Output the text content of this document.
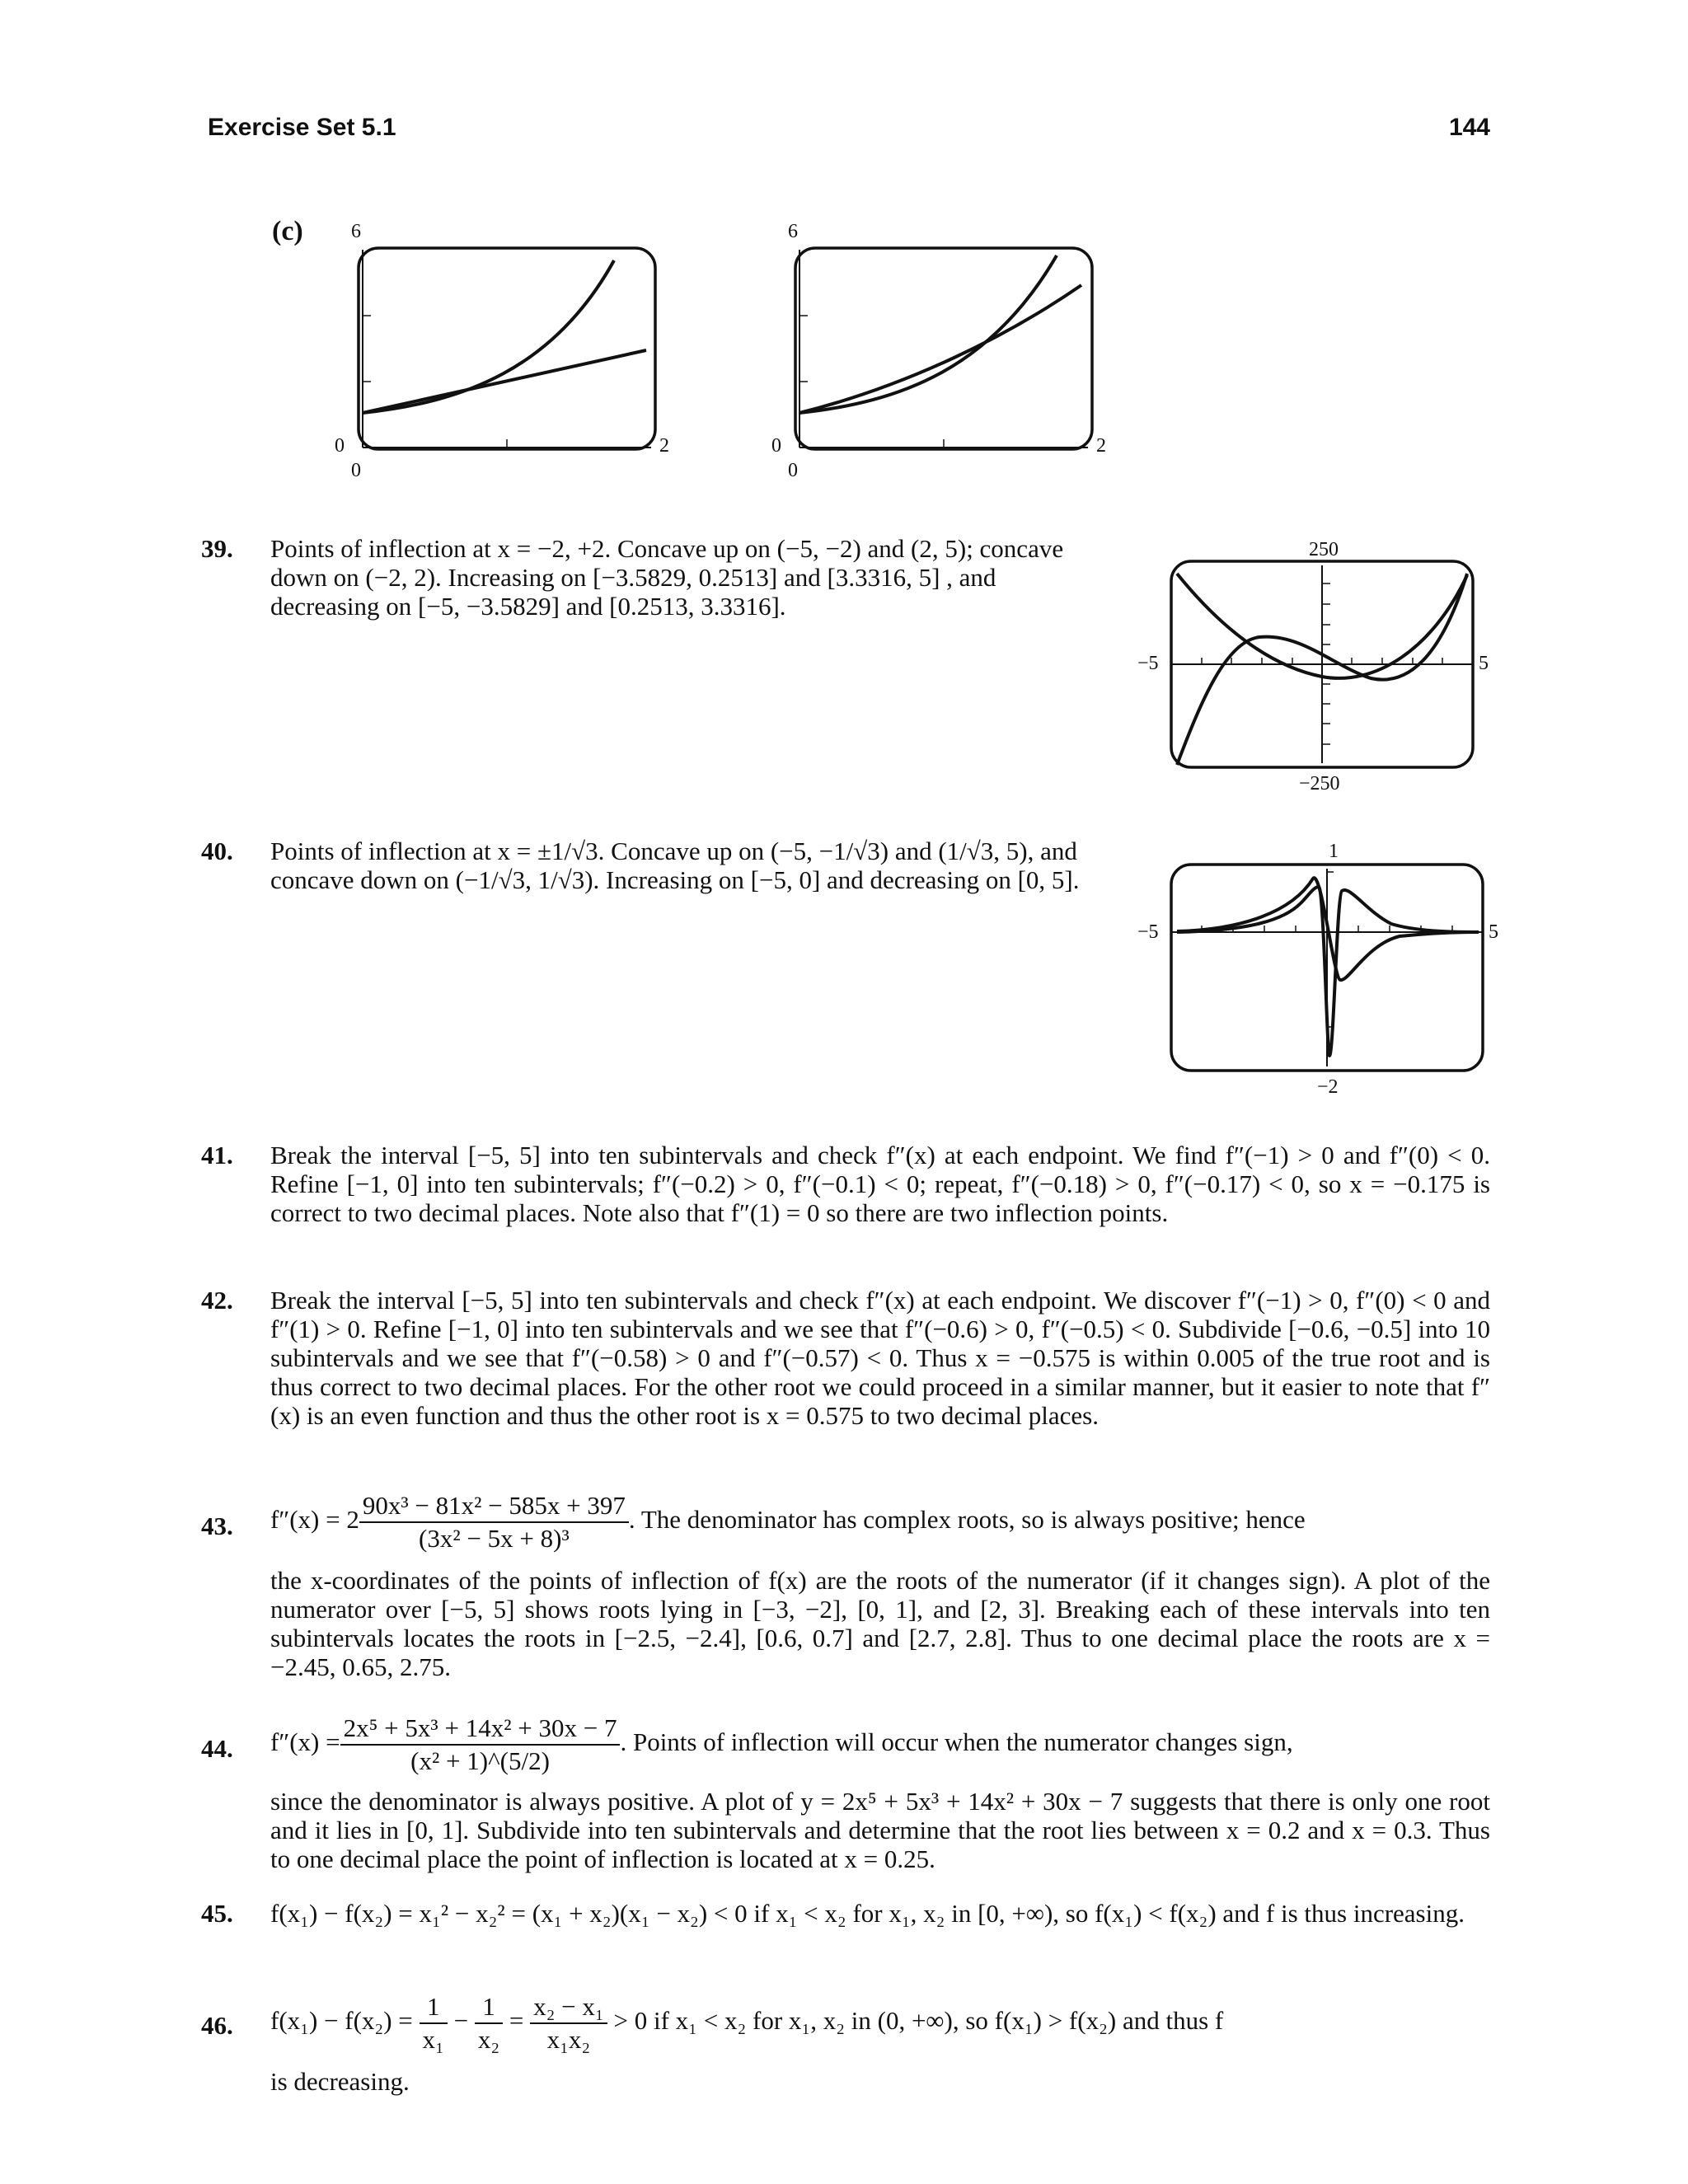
Exercise Set 5.1	144
(c) 6
0
0
2
6
0
0
2
39. Points of inflection at x = −2, +2. Concave up on (−5, −2) and (2, 5); concave down on (−2, 2). Increasing on [−3.5829, 0.2513] and [3.3316, 5] , and decreasing on [−5, −3.5829] and [0.2513, 3.3316].

250
−5	5
−250
40. Points of inflection at x = ±1/√3. Concave up on (−5, −1/√3) and (1/√3, 5), and concave down on (−1/√3, 1/√3). Increasing on [−5, 0] and decreasing on [0, 5].

1
−5	5
−2
41. Break the interval [−5, 5] into ten subintervals and check f″(x) at each endpoint. We find f″(−1) > 0 and f″(0) < 0. Refine [−1, 0] into ten subintervals; f″(−0.2) > 0, f″(−0.1) < 0; repeat, f″(−0.18) > 0, f″(−0.17) < 0, so x = −0.175 is correct to two decimal places. Note also that f″(1) = 0 so there are two inflection points.

42. Break the interval [−5, 5] into ten subintervals and check f″(x) at each endpoint. We discover f″(−1) > 0, f″(0) < 0 and f″(1) > 0. Refine [−1, 0] into ten subintervals and we see that f″(−0.6) > 0, f″(−0.5) < 0. Subdivide [−0.6, −0.5] into 10 subintervals and we see that f″(−0.58) > 0 and f″(−0.57) < 0. Thus x = −0.575 is within 0.005 of the true root and is thus correct to two decimal places. For the other root we could proceed in a similar manner, but it easier to note that f″(x) is an even function and thus the other root is x = 0.575 to two decimal places.

43. $f''(x) = 2 \frac{\text{90x³ − 81x² − 585x + 397}}{\text{(3x² − 5x + 8)³}}$ . The denominator has complex roots, so is always positive; hence

the x-coordinates of the points of inflection of f(x) are the roots of the numerator (if it changes sign). A plot of the numerator over [−5, 5] shows roots lying in [−3, −2], [0, 1], and [2, 3]. Breaking each of these intervals into ten subintervals locates the roots in [−2.5, −2.4], [0.6, 0.7] and [2.7, 2.8]. Thus to one decimal place the roots are x = −2.45, 0.65, 2.75.

44. $f''(x) = \frac{\text{2x⁵ + 5x³ + 14x² + 30x − 7}}{\text{(x² + 1)\textasciicircum{}(5/2)}}$ . Points of inflection will occur when the numerator changes sign,

since the denominator is always positive. A plot of y = 2x⁵ + 5x³ + 14x² + 30x − 7 suggests that there is only one root and it lies in [0, 1]. Subdivide into ten subintervals and determine that the root lies between x = 0.2 and x = 0.3. Thus to one decimal place the point of inflection is located at x = 0.25.

45. f(x₁) − f(x₂) = x₁² − x₂² = (x₁ + x₂)(x₁ − x₂) < 0 if x₁ < x₂ for x₁, x₂ in [0, +∞), so f(x₁) < f(x₂) and f is thus increasing.

46. $f(x_1) - f(x_2) = \frac{1}{\text{x₁}} - \frac{1}{\text{x₂}} = \frac{\text{x₂ − x₁}}{\text{x₁x₂}} > 0$ if x₁ < x₂ for x₁, x₂ in (0, +∞), so f(x₁) > f(x₂) and thus f

is decreasing.
